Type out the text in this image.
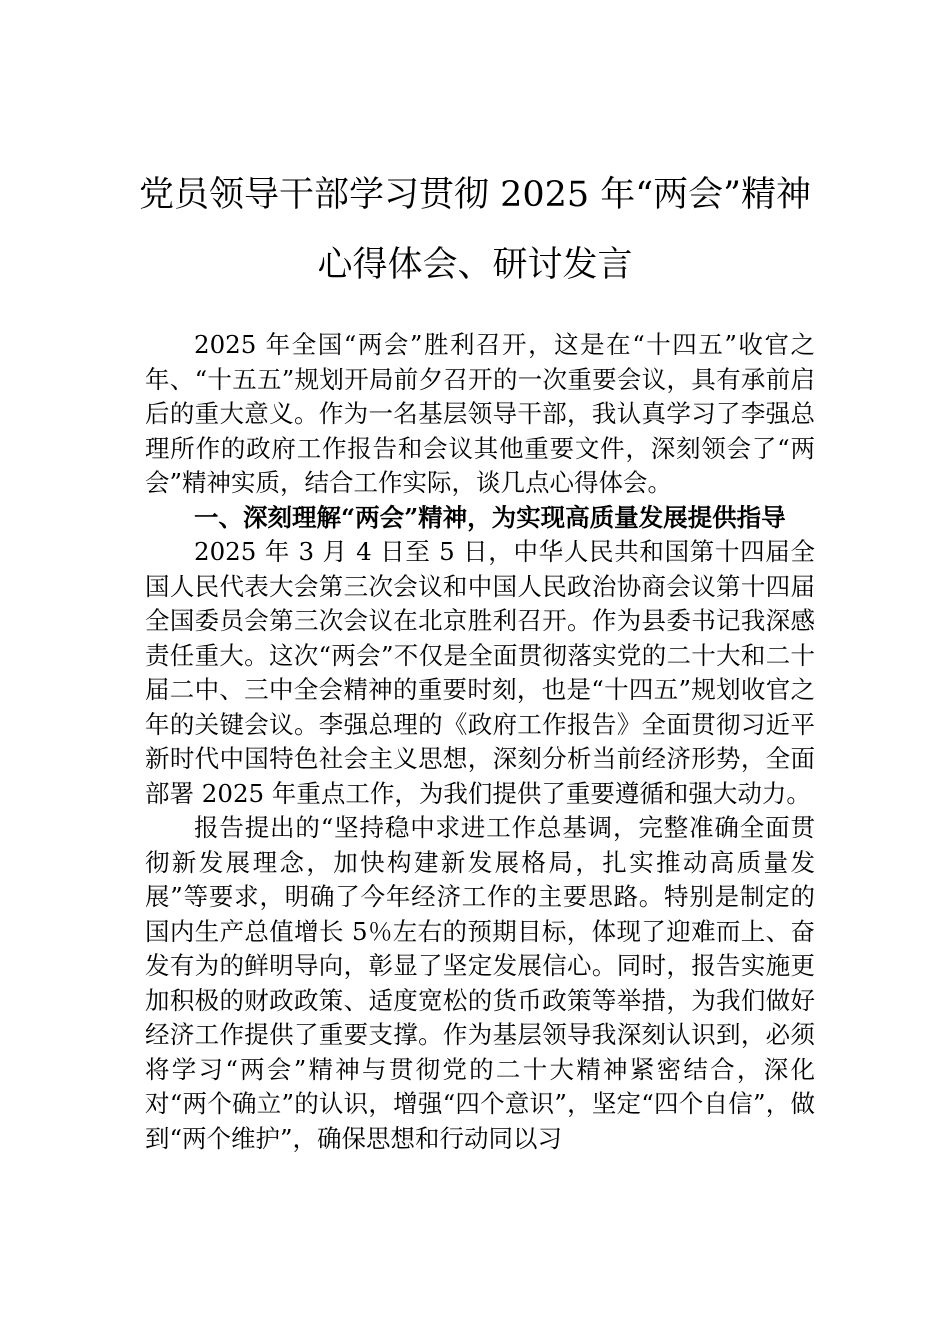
党员领导干部学习贯彻 2025 年“两会”精神
心得体会、研讨发言

2025 年全国“两会”胜利召开，这是在“十四五”收官之年、“十五五”规划开局前夕召开的一次重要会议，具有承前启后的重大意义。作为一名基层领导干部，我认真学习了李强总理所作的政府工作报告和会议其他重要文件，深刻领会了“两会”精神实质，结合工作实际，谈几点心得体会。

一、深刻理解“两会”精神，为实现高质量发展提供指导

2025 年 3 月 4 日至 5 日，中华人民共和国第十四届全国人民代表大会第三次会议和中国人民政治协商会议第十四届全国委员会第三次会议在北京胜利召开。作为县委书记我深感责任重大。这次“两会”不仅是全面贯彻落实党的二十大和二十届二中、三中全会精神的重要时刻，也是“十四五”规划收官之年的关键会议。李强总理的《政府工作报告》全面贯彻习近平新时代中国特色社会主义思想，深刻分析当前经济形势，全面部署 2025 年重点工作，为我们提供了重要遵循和强大动力。

报告提出的“坚持稳中求进工作总基调，完整准确全面贯彻新发展理念，加快构建新发展格局，扎实推动高质量发展”等要求，明确了今年经济工作的主要思路。特别是制定的国内生产总值增长 5％左右的预期目标，体现了迎难而上、奋发有为的鲜明导向，彰显了坚定发展信心。同时，报告实施更加积极的财政政策、适度宽松的货币政策等举措，为我们做好经济工作提供了重要支撑。作为基层领导我深刻认识到，必须将学习“两会”精神与贯彻党的二十大精神紧密结合，深化对“两个确立”的认识，增强“四个意识”，坚定“四个自信”，做到“两个维护”，确保思想和行动同以习
